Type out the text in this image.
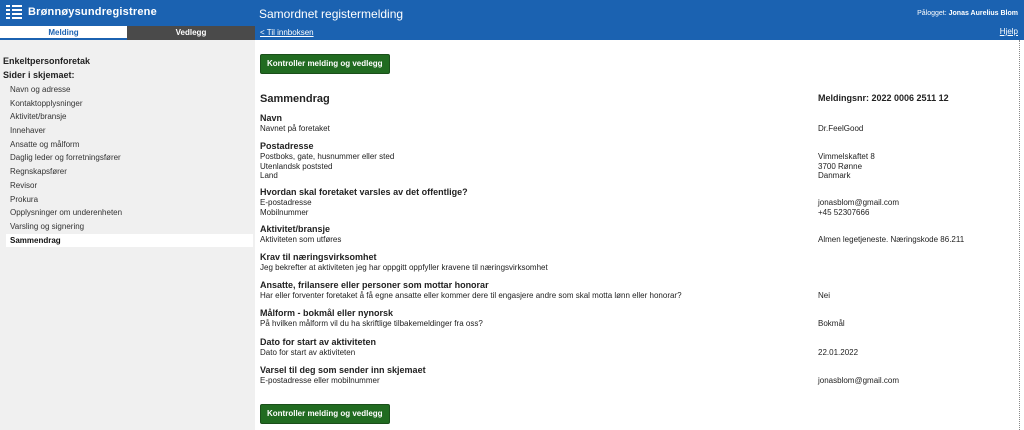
Brønnøysundregistrene	Samordnet registermelding	Pålogget: Jonas Aurelius Blom
Melding	Vedlegg	< Til innboksen	Hjelp
Enkeltpersonforetak
Sider i skjemaet:
Navn og adresse
Kontaktopplysninger
Aktivitet/bransje
Innehaver
Ansatte og målform
Daglig leder og forretningsfører
Regnskapsfører
Revisor
Prokura
Opplysninger om underenheten
Varsling og signering
Sammendrag
Kontroller melding og vedlegg
Sammendrag	Meldingsnr: 2022 0006 2511 12
Navn
Navnet på foretaket	Dr.FeelGood
Postadresse
Postboks, gate, husnummer eller sted	Vimmelskaftet 8
Utenlandsk poststed	3700 Rønne
Land	Danmark
Hvordan skal foretaket varsles av det offentlige?
E-postadresse	jonasblom@gmail.com
Mobilnummer	+45 52307666
Aktivitet/bransje
Aktiviteten som utføres	Almen legetjeneste. Næringskode 86.211
Krav til næringsvirksomhet
Jeg bekrefter at aktiviteten jeg har oppgitt oppfyller kravene til næringsvirksomhet
Ansatte, frilansere eller personer som mottar honorar
Har eller forventer foretaket å få egne ansatte eller kommer dere til engasjere andre som skal motta lønn eller honorar?	Nei
Målform - bokmål eller nynorsk
På hvilken målform vil du ha skriftlige tilbakemeldinger fra oss?	Bokmål
Dato for start av aktiviteten
Dato for start av aktiviteten	22.01.2022
Varsel til deg som sender inn skjemaet
E-postadresse eller mobilnummer	jonasblom@gmail.com
Kontroller melding og vedlegg
